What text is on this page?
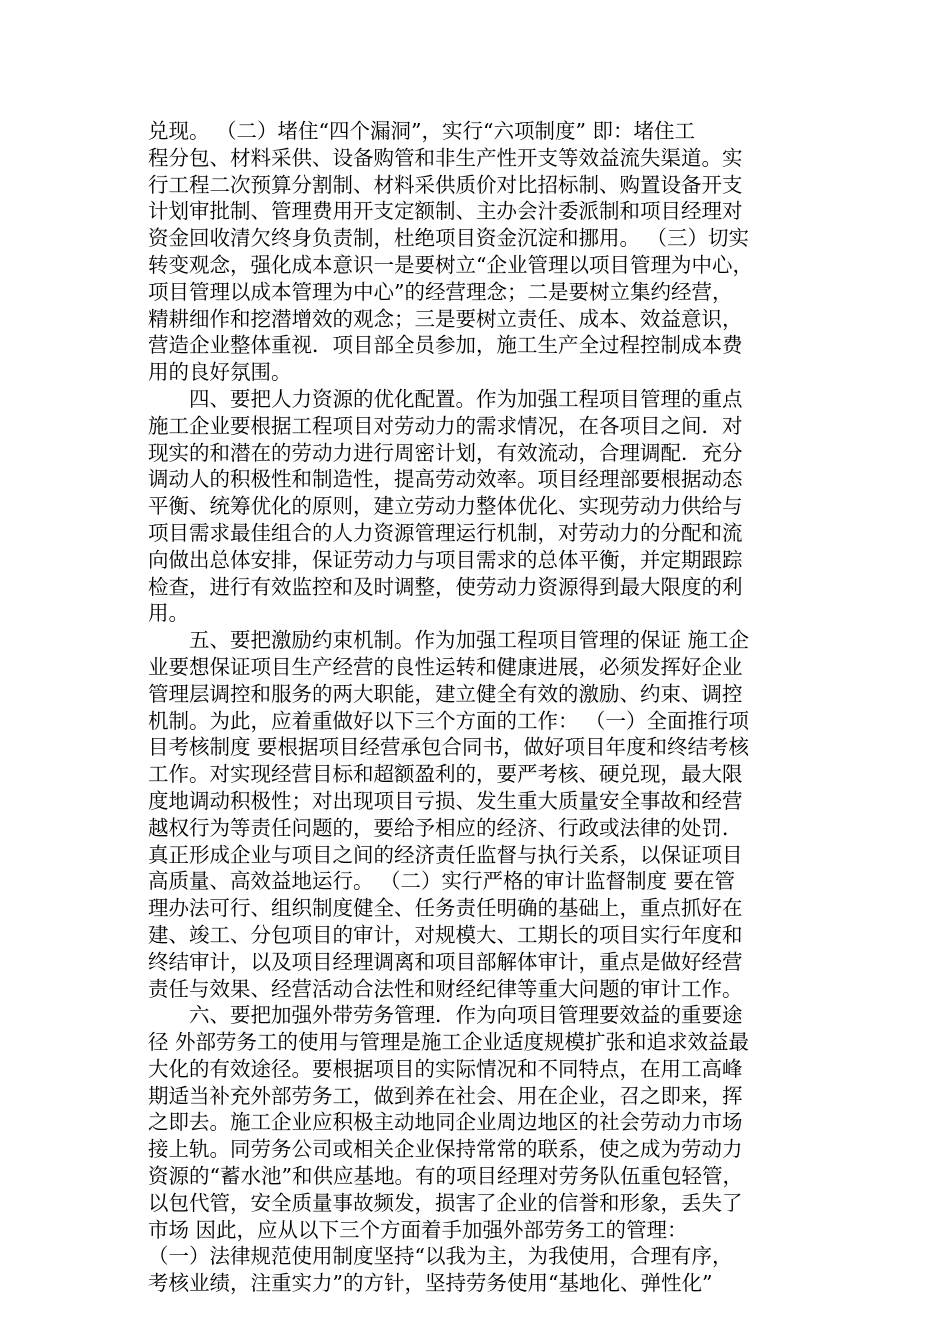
兑现。 （二）堵住“四个漏洞”，实行“六项制度” 即：堵住工
程分包、材料采供、设备购管和非生产性开支等效益流失渠道。实
行工程二次预算分割制、材料采供质价对比招标制、购置设备开支
计划审批制、管理费用开支定额制、主办会汁委派制和项目经理对
资金回收清欠终身负责制，杜绝项目资金沉淀和挪用。 （三）切实
转变观念，强化成本意识一是要树立“企业管理以项目管理为中心，
项目管理以成本管理为中心”的经营理念；二是要树立集约经营，
精耕细作和挖潜增效的观念；三是要树立责任、成本、效益意识，
营造企业整体重视．项目部全员参加，施工生产全过程控制成本费
用的良好氛围。
　　四、要把人力资源的优化配置。作为加强工程项目管理的重点
施工企业要根据工程项目对劳动力的需求情况，在各项目之间．对
现实的和潜在的劳动力进行周密计划，有效流动，合理调配．充分
调动人的积极性和制造性，提高劳动效率。项目经理部要根据动态
平衡、统筹优化的原则，建立劳动力整体优化、实现劳动力供给与
项目需求最佳组合的人力资源管理运行机制，对劳动力的分配和流
向做出总体安排，保证劳动力与项目需求的总体平衡，并定期跟踪
检查，进行有效监控和及时调整，使劳动力资源得到最大限度的利
用。
　　五、要把激励约束机制。作为加强工程项目管理的保证 施工企
业要想保证项目生产经营的良性运转和健康进展，必须发挥好企业
管理层调控和服务的两大职能，建立健全有效的激励、约束、调控
机制。为此，应着重做好以下三个方面的工作： （一）全面推行项
目考核制度 要根据项目经营承包合同书，做好项目年度和终结考核
工作。对实现经营目标和超额盈利的，要严考核、硬兑现，最大限
度地调动积极性；对出现项目亏损、发生重大质量安全事故和经营
越权行为等责任问题的，要给予相应的经济、行政或法律的处罚．
真正形成企业与项目之间的经济责任监督与执行关系，以保证项目
高质量、高效益地运行。 （二）实行严格的审计监督制度 要在管
理办法可行、组织制度健全、任务责任明确的基础上，重点抓好在
建、竣工、分包项目的审计，对规模大、工期长的项目实行年度和
终结审计，以及项目经理调离和项目部解体审计，重点是做好经营
责任与效果、经营活动合法性和财经纪律等重大问题的审计工作。
　　六、要把加强外带劳务管理．作为向项目管理要效益的重要途
径 外部劳务工的使用与管理是施工企业适度规模扩张和追求效益最
大化的有效途径。要根据项目的实际情况和不同特点，在用工高峰
期适当补充外部劳务工，做到养在社会、用在企业，召之即来，挥
之即去。施工企业应积极主动地同企业周边地区的社会劳动力市场
接上轨。同劳务公司或相关企业保持常常的联系，使之成为劳动力
资源的“蓄水池”和供应基地。有的项目经理对劳务队伍重包轻管，
以包代管，安全质量事故频发，损害了企业的信誉和形象，丢失了
市场 因此，应从以下三个方面着手加强外部劳务工的管理：
（一）法律规范使用制度坚持“以我为主，为我使用，合理有序，
考核业绩，注重实力”的方针，坚持劳务使用“基地化、弹性化”
